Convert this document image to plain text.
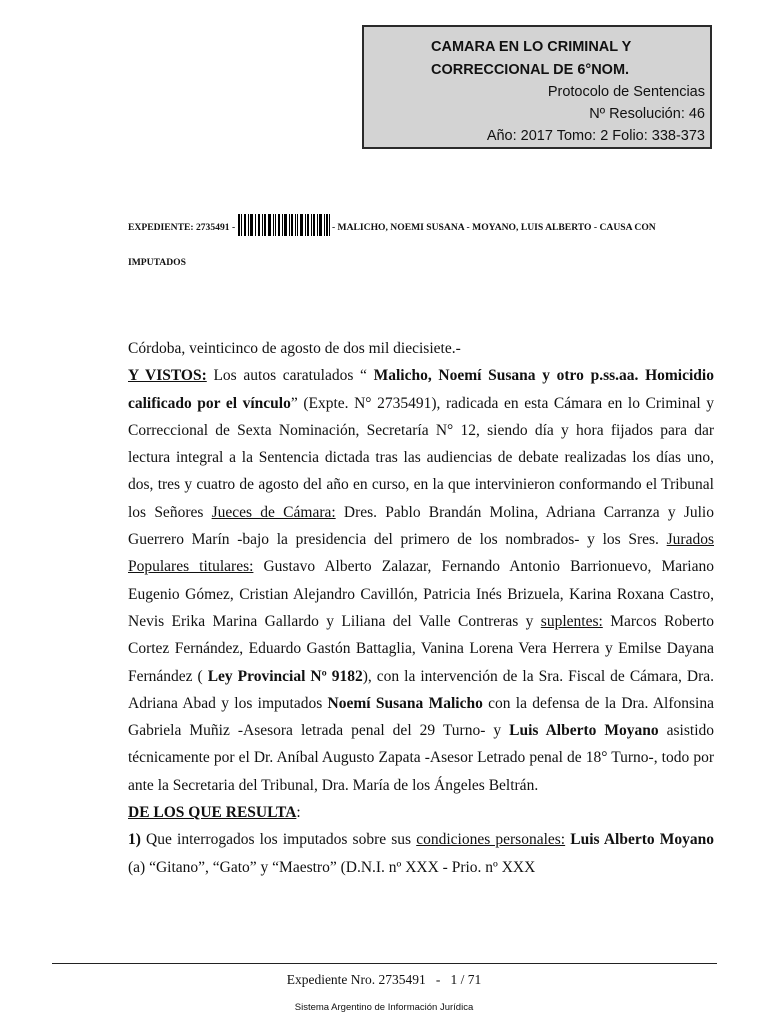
CAMARA EN LO CRIMINAL Y
CORRECCIONAL DE 6°NOM.
Protocolo de Sentencias
Nº Resolución: 46
Año: 2017 Tomo: 2 Folio: 338-373
EXPEDIENTE: 2735491 -	- MALICHO, NOEMI SUSANA - MOYANO, LUIS ALBERTO - CAUSA CON
IMPUTADOS

Córdoba, veinticinco de agosto de dos mil diecisiete.-

Y VISTOS: Los autos caratulados “ Malicho, Noemí Susana y otro p.ss.aa. Homicidio calificado por el vínculo” (Expte. N° 2735491), radicada en esta Cámara en lo Criminal y Correccional de Sexta Nominación, Secretaría N° 12, siendo día y hora fijados para dar lectura integral a la Sentencia dictada tras las audiencias de debate realizadas los días uno, dos, tres y cuatro de agosto del año en curso, en la que intervinieron conformando el Tribunal los Señores Jueces de Cámara: Dres. Pablo Brandán Molina, Adriana Carranza y Julio Guerrero Marín -bajo la presidencia del primero de los nombrados- y los Sres. Jurados Populares titulares: Gustavo Alberto Zalazar, Fernando Antonio Barrionuevo, Mariano Eugenio Gómez, Cristian Alejandro Cavillón, Patricia Inés Brizuela, Karina Roxana Castro, Nevis Erika Marina Gallardo y Liliana del Valle Contreras y suplentes: Marcos Roberto Cortez Fernández, Eduardo Gastón Battaglia, Vanina Lorena Vera Herrera y Emilse Dayana Fernández ( Ley Provincial Nº 9182), con la intervención de la Sra. Fiscal de Cámara, Dra. Adriana Abad y los imputados Noemí Susana Malicho con la defensa de la Dra. Alfonsina Gabriela Muñiz -Asesora letrada penal del 29 Turno- y Luis Alberto Moyano asistido técnicamente por el Dr. Aníbal Augusto Zapata -Asesor Letrado penal de 18° Turno-, todo por ante la Secretaria del Tribunal, Dra. María de los Ángeles Beltrán.

DE LOS QUE RESULTA:

1) Que interrogados los imputados sobre sus condiciones personales: Luis Alberto Moyano (a) “Gitano”, “Gato” y “Maestro” (D.N.I. nº XXX - Prio. nº XXX

Expediente Nro. 2735491   -   1 / 71
Sistema Argentino de Información Jurídica
